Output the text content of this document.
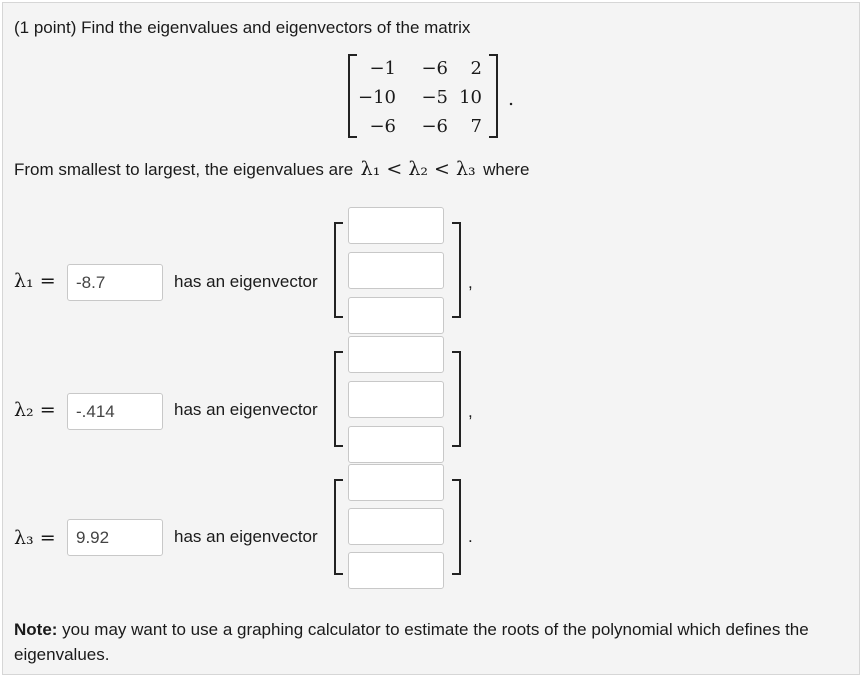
(1 point) Find the eigenvalues and eigenvectors of the matrix
−1	−6	2
−10	−5 10
−6	−6	7
.
From smallest to largest, the eigenvalues are λ₁ < λ₂ < λ₃ where
λ₁ =
-8.7	has an eigenvector	,
λ₂ =
-.414	has an eigenvector	,
λ₃ =
9.92	has an eigenvector	.
Note: you may want to use a graphing calculator to estimate the roots of the polynomial which defines the
eigenvalues.
